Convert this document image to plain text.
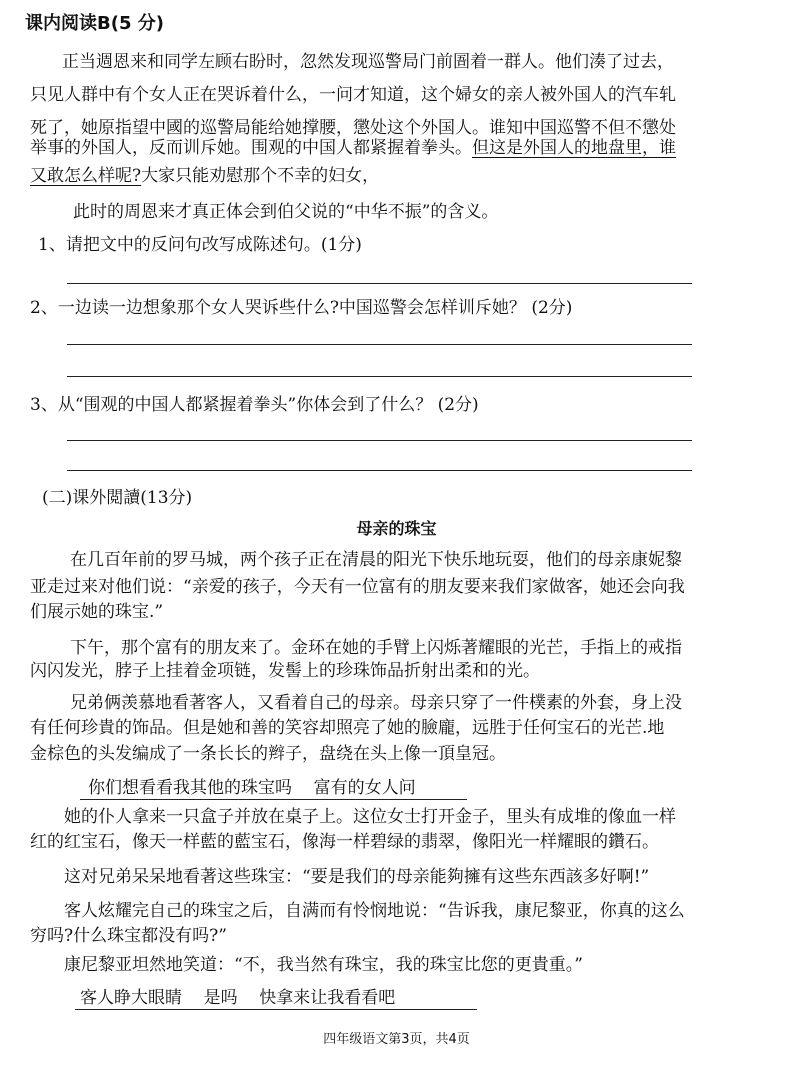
课内阅读B(5 分)
正当週恩来和同学左顾右盼时，忽然发现巡警局门前圄着一群人。他们湊了过去，
只见人群中有个女人正在哭诉着什么，一问才知道，这个婦女的亲人被外国人的汽车轧
死了，她原指望中國的巡警局能给她撑腰，懲处这个外国人。谁知中国巡警不但不懲处
举事的外国人，反而训斥她。围观的中国人都紧握着拳头。但这是外国人的地盘里，谁
又敢怎么样呢?大家只能劝慰那个不幸的妇女，
此时的周恩来才真正体会到伯父说的“中华不振”的含义。
1、请把文中的反问句改写成陈述句。(1分)
2、一边读一边想象那个女人哭诉些什么?中国巡警会怎样训斥她？ (2分)
3、从“围观的中国人都紧握着拳头”你体会到了什么？ (2分)
(二)课外閲讀(13分)
母亲的珠宝
在几百年前的罗马城，两个孩子正在清晨的阳光下快乐地玩耍，他们的母亲康妮黎
亚走过来对他们说：“亲爱的孩子，今天有一位富有的朋友要来我们家做客，她还会向我
们展示她的珠宝.”
下午，那个富有的朋友来了。金环在她的手臂上闪烁著耀眼的光芒，手指上的戒指
闪闪发光，脖子上挂着金项链，发髻上的珍珠饰品折射出柔和的光。
兄弟俩羡慕地看著客人，又看着自己的母亲。母亲只穿了一件樸素的外套，身上没
有任何珍貴的饰品。但是她和善的笑容却照亮了她的臉龐，远胜于任何宝石的光芒.地
金棕色的头发编成了一条长长的辫子，盘绕在头上像一頂皇冠。
你们想看看我其他的珠宝吗    富有的女人问
她的仆人拿来一只盒子并放在桌子上。这位女士打开金子，里头有成堆的像血一样
红的红宝石，像天一样藍的藍宝石，像海一样碧绿的翡翠，像阳光一样耀眼的鑽石。
这对兄弟呆呆地看著这些珠宝：“要是我们的母亲能夠擁有这些东西該多好啊!”
客人炫耀完自己的珠宝之后，自满而有怜悯地说：“告诉我，康尼黎亚，你真的这么
穷吗?什么珠宝都没有吗?”
康尼黎亚坦然地笑道：“不，我当然有珠宝，我的珠宝比您的更貴重。”
客人睁大眼睛    是吗    快拿来让我看看吧
四年级语文第3页，共4页
